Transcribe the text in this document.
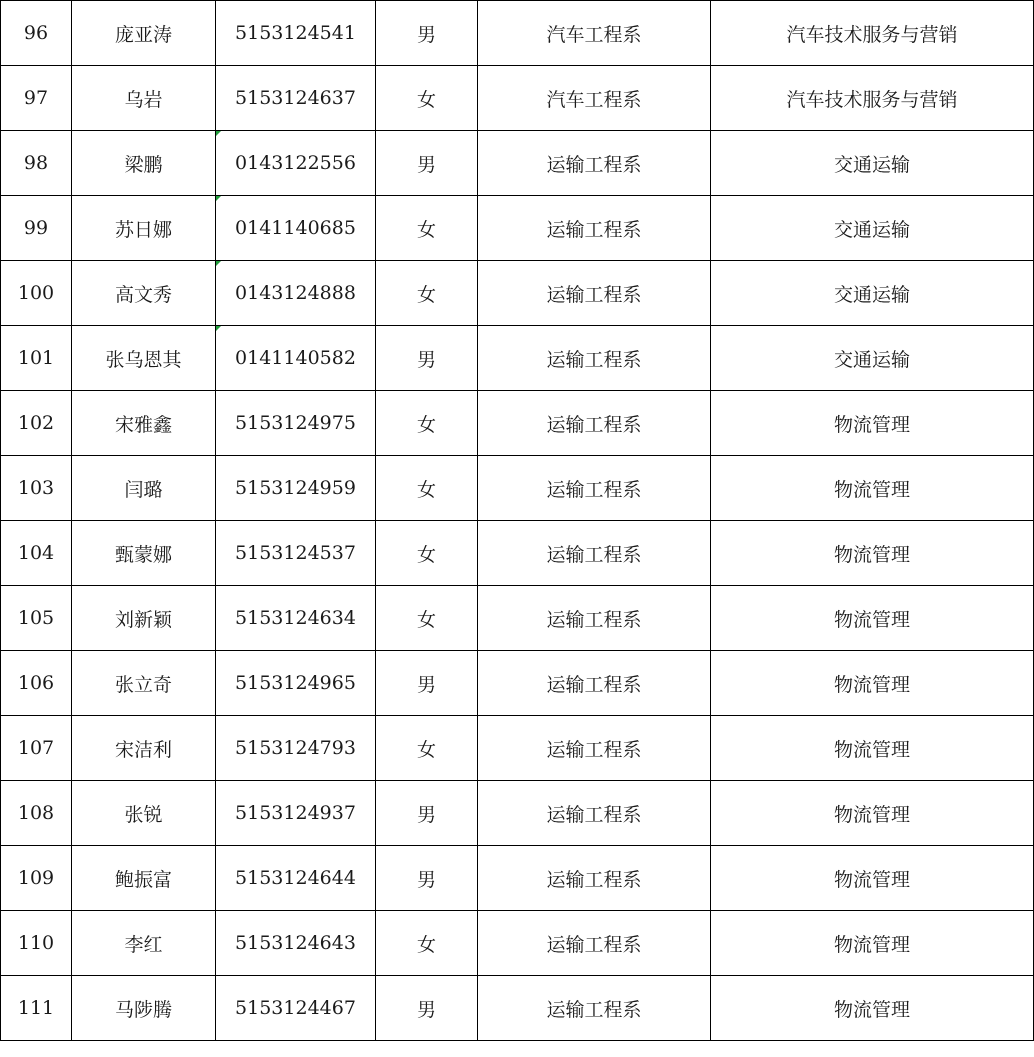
96	庞亚涛	5153124541	男	汽车工程系	汽车技术服务与营销
97	乌岩	5153124637	女	汽车工程系	汽车技术服务与营销
98	梁鹏	0143122556	男	运输工程系	交通运输
99	苏日娜	0141140685	女	运输工程系	交通运输
100	高文秀	0143124888	女	运输工程系	交通运输
101	张乌恩其	0141140582	男	运输工程系	交通运输
102	宋雅鑫	5153124975	女	运输工程系	物流管理
103	闫璐	5153124959	女	运输工程系	物流管理
104	甄蒙娜	5153124537	女	运输工程系	物流管理
105	刘新颖	5153124634	女	运输工程系	物流管理
106	张立奇	5153124965	男	运输工程系	物流管理
107	宋洁利	5153124793	女	运输工程系	物流管理
108	张锐	5153124937	男	运输工程系	物流管理
109	鲍振富	5153124644	男	运输工程系	物流管理
110	李红	5153124643	女	运输工程系	物流管理
111	马陟腾	5153124467	男	运输工程系	物流管理
